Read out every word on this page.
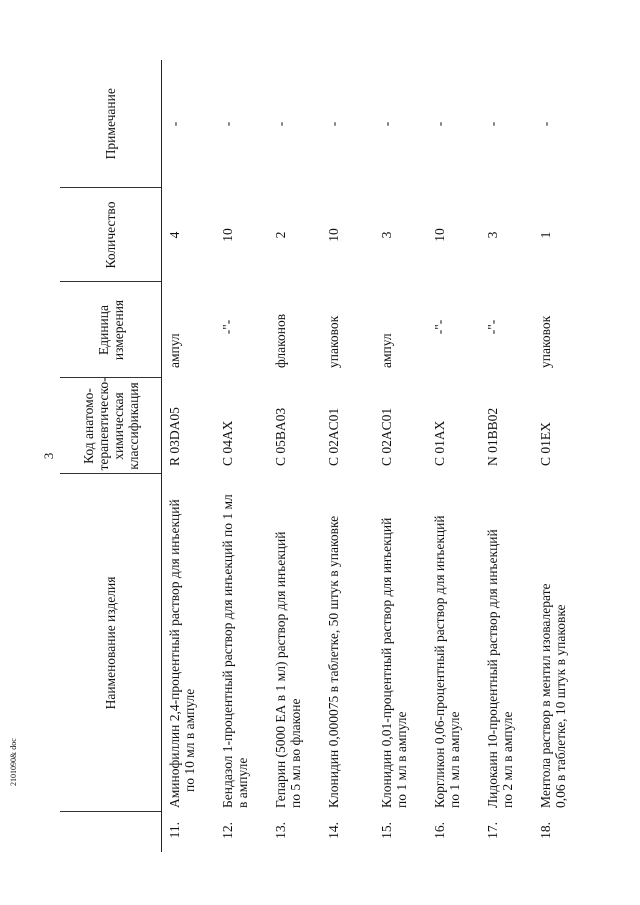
3
	Наименование изделия	Код анатомо-терапевтическо-химическая классификация	Единица измерения	Количество	Примечание
11.	Аминофиллин 2,4-процентный раствор для инъекций по 10 мл в ампуле	R 03DA05	ампул	4	-
12.	Бендазол 1-процентный раствор для инъекций по 1 мл в ампуле	C 04AX	-"-	10	-
13.	Гепарин (5000 ЕА в 1 мл) раствор для инъекций по 5 мл во флаконе	C 05BA03	флаконов	2	-
14.	Клонидин 0,000075 в таблетке, 50 штук в упаковке	C 02AC01	упаковок	10	-
15.	Клонидин 0,01-процентный раствор для инъекций по 1 мл в ампуле	C 02AC01	ампул	3	-
16.	Коргликон 0,06-процентный раствор для инъекций по 1 мл в ампуле	C 01AX	-"-	10	-
17.	Лидокаин 10-процентный раствор для инъекций по 2 мл в ампуле	N 01BB02	-"-	3	-
18.	Ментола раствор в ментил изовалерате 0,06 в таблетке, 10 штук в упаковке	C 01EX	упаковок	1	-
2101090& doc
